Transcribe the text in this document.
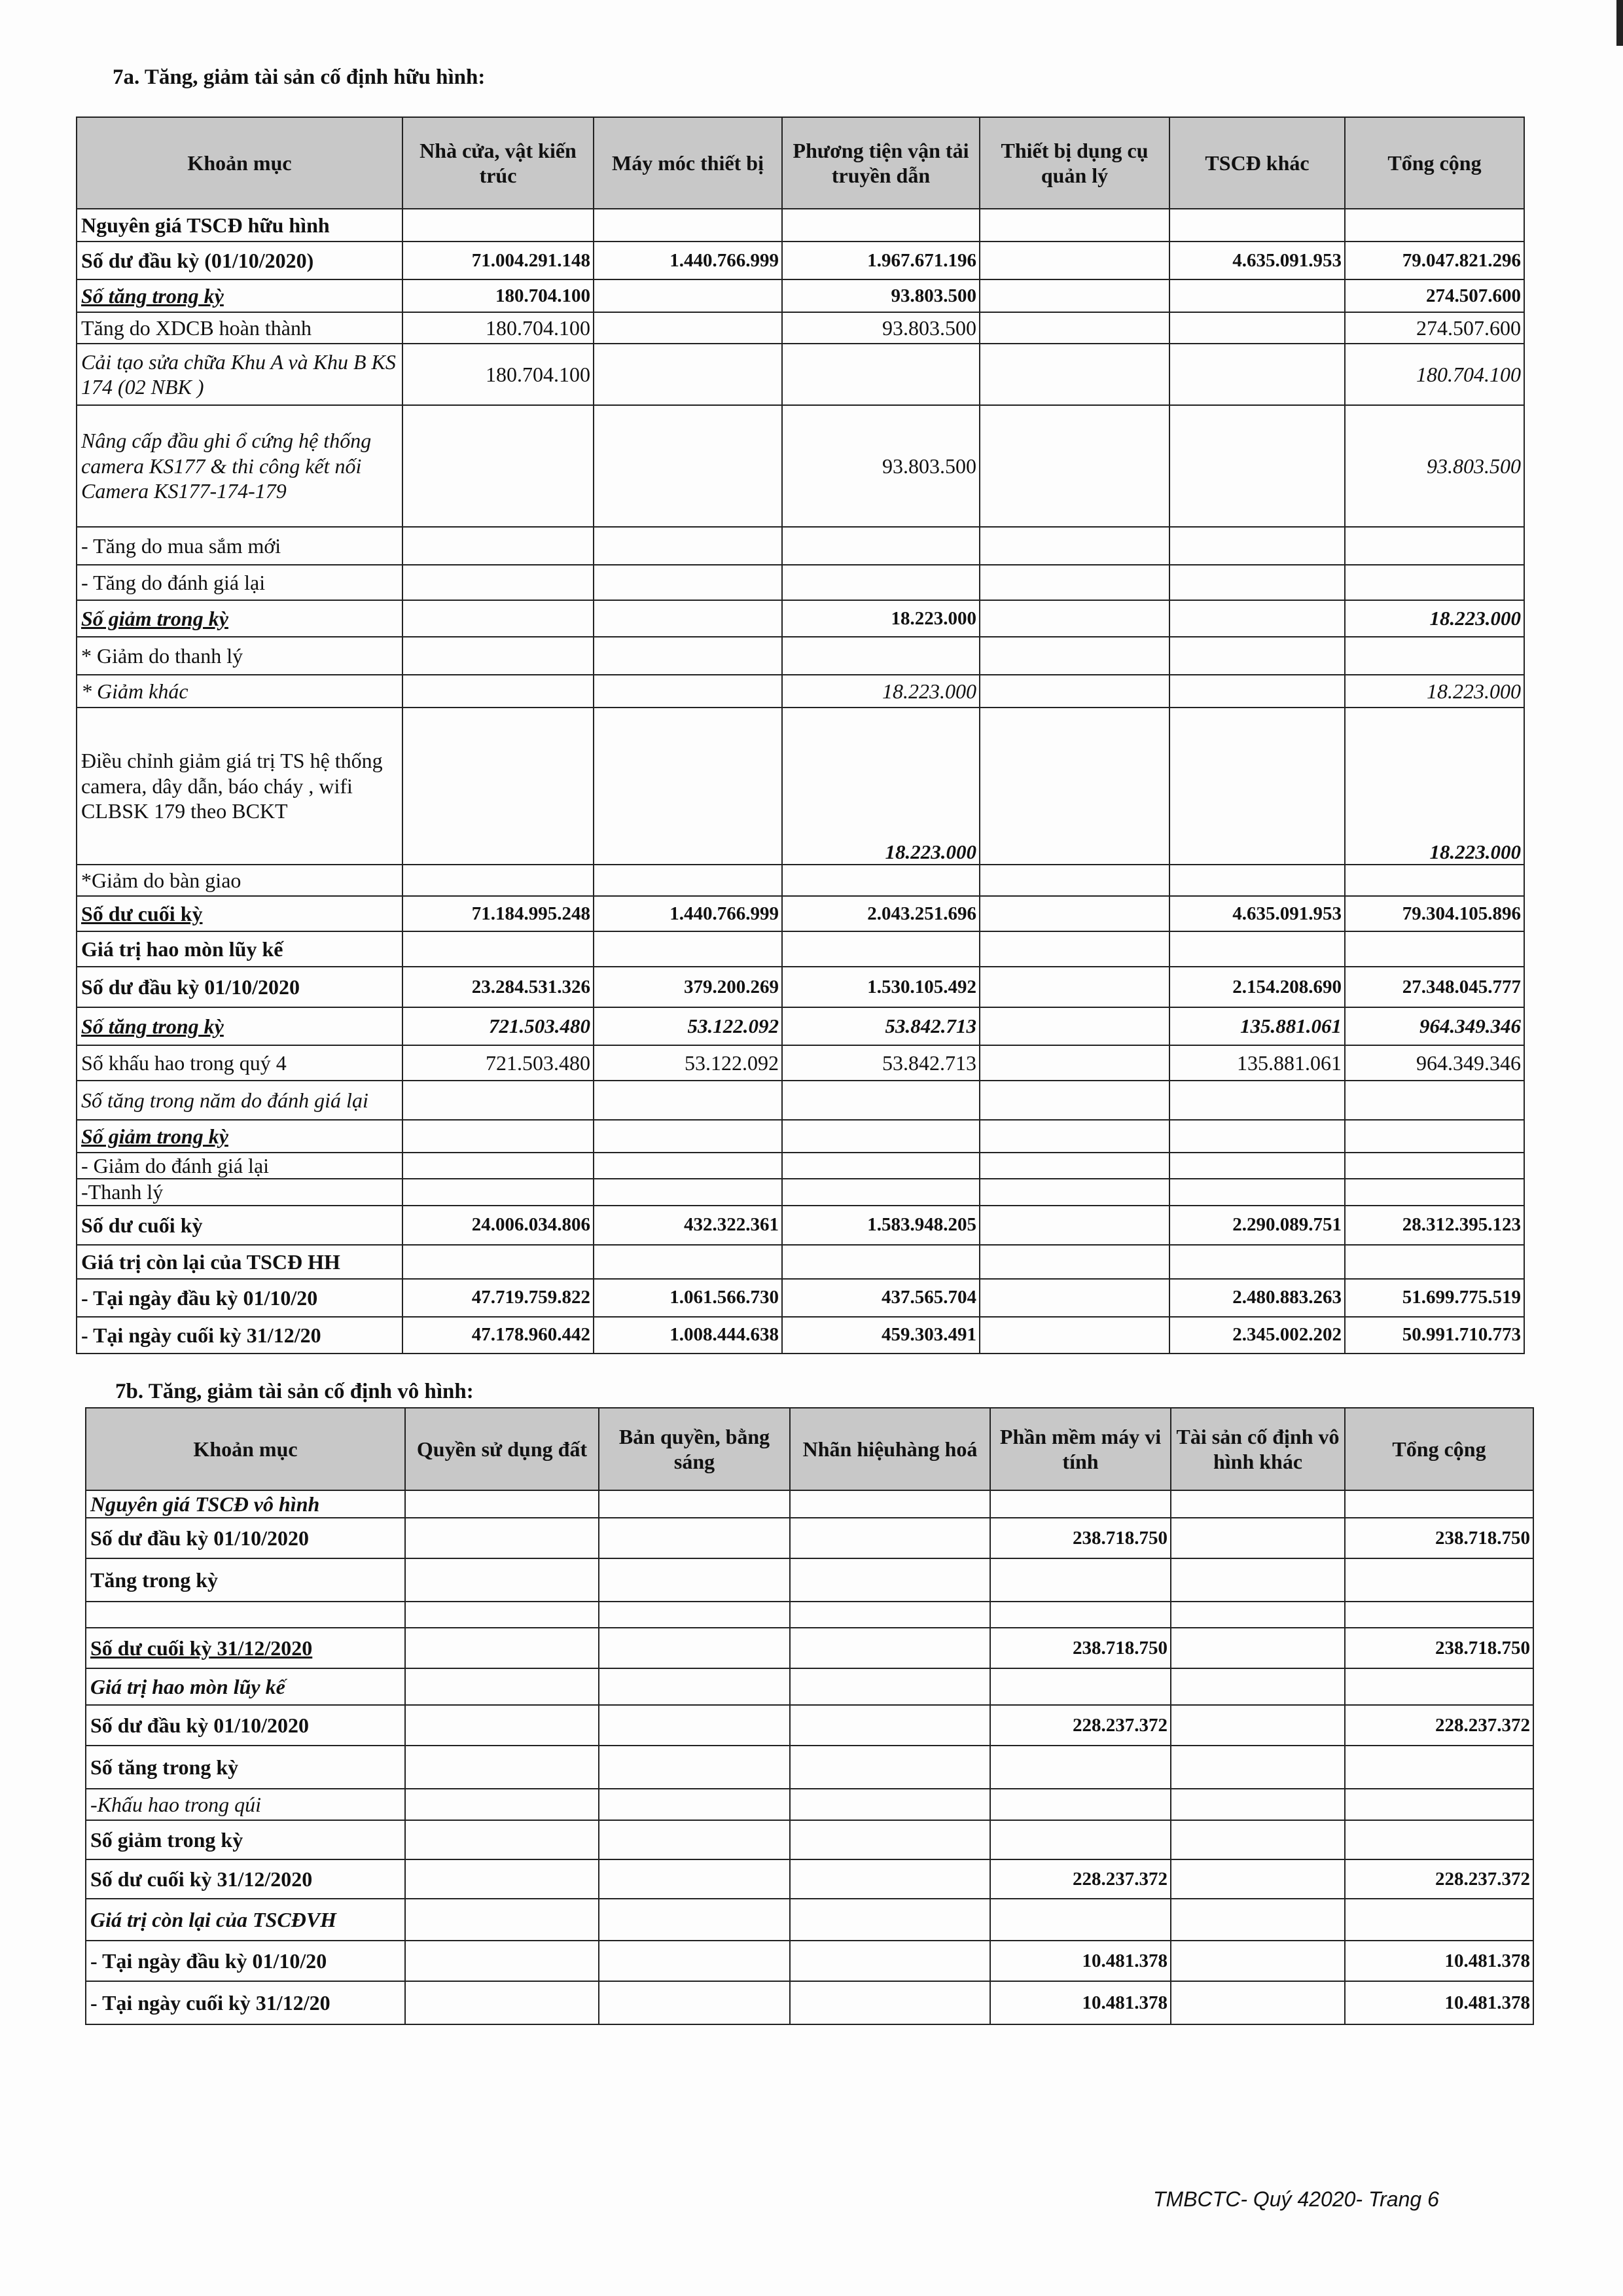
7a. Tăng, giảm tài sản cố định hữu hình:
Khoản mục	Nhà cửa, vật kiến trúc	Máy móc thiết bị	Phương tiện vận tải truyền dẫn	Thiết bị dụng cụ quản lý	TSCĐ khác	Tổng cộng
Nguyên giá TSCĐ hữu hình						
Số dư đầu kỳ (01/10/2020)	71.004.291.148	1.440.766.999	1.967.671.196		4.635.091.953	79.047.821.296
Số tăng trong kỳ	180.704.100		93.803.500			274.507.600
Tăng do XDCB hoàn thành	180.704.100		93.803.500			274.507.600
Cải tạo sửa chữa Khu A và Khu B KS 174 (02 NBK )	180.704.100					180.704.100
Nâng cấp đầu ghi ổ cứng hệ thống camera KS177 & thi công kết nối Camera KS177-174-179			93.803.500			93.803.500
- Tăng do mua sắm mới						
- Tăng do đánh giá lại						
Số giảm trong kỳ			18.223.000			18.223.000
* Giảm do thanh lý						
* Giảm khác			18.223.000			18.223.000
Điều chỉnh giảm giá trị TS hệ thống camera, dây dẫn, báo cháy , wifi CLBSK 179 theo BCKT			18.223.000			18.223.000
*Giảm do bàn giao						
Số dư cuối kỳ	71.184.995.248	1.440.766.999	2.043.251.696		4.635.091.953	79.304.105.896
Giá trị hao mòn lũy kế						
Số dư đầu kỳ 01/10/2020	23.284.531.326	379.200.269	1.530.105.492		2.154.208.690	27.348.045.777
Số tăng trong kỳ	721.503.480	53.122.092	53.842.713		135.881.061	964.349.346
Số khấu hao trong quý 4	721.503.480	53.122.092	53.842.713		135.881.061	964.349.346
Số tăng trong năm do đánh giá lại						
Số giảm trong kỳ						
- Giảm do đánh giá lại						
-Thanh lý						
Số dư cuối kỳ	24.006.034.806	432.322.361	1.583.948.205		2.290.089.751	28.312.395.123
Giá trị còn lại của TSCĐ HH						
- Tại ngày đầu kỳ 01/10/20	47.719.759.822	1.061.566.730	437.565.704		2.480.883.263	51.699.775.519
- Tại ngày cuối kỳ 31/12/20	47.178.960.442	1.008.444.638	459.303.491		2.345.002.202	50.991.710.773
7b. Tăng, giảm tài sản cố định vô hình:
Khoản mục	Quyền sử dụng đất	Bản quyền, bằng sáng	Nhãn hiệuhàng hoá	Phần mềm máy vi tính	Tài sản cố định vô hình khác	Tổng cộng
Nguyên giá TSCĐ vô hình						
Số dư đầu kỳ 01/10/2020				238.718.750		238.718.750
Tăng trong kỳ						

Số dư cuối kỳ 31/12/2020				238.718.750		238.718.750
Giá trị hao mòn lũy kế						
Số dư đầu kỳ 01/10/2020				228.237.372		228.237.372
Số tăng trong kỳ						
-Khấu hao trong qúi						
Số giảm trong kỳ						
Số dư cuối kỳ 31/12/2020				228.237.372		228.237.372
Giá trị còn lại của TSCĐVH						
- Tại ngày đầu kỳ 01/10/20				10.481.378		10.481.378
- Tại ngày cuối kỳ 31/12/20				10.481.378		10.481.378
TMBCTC- Quý 42020- Trang 6
